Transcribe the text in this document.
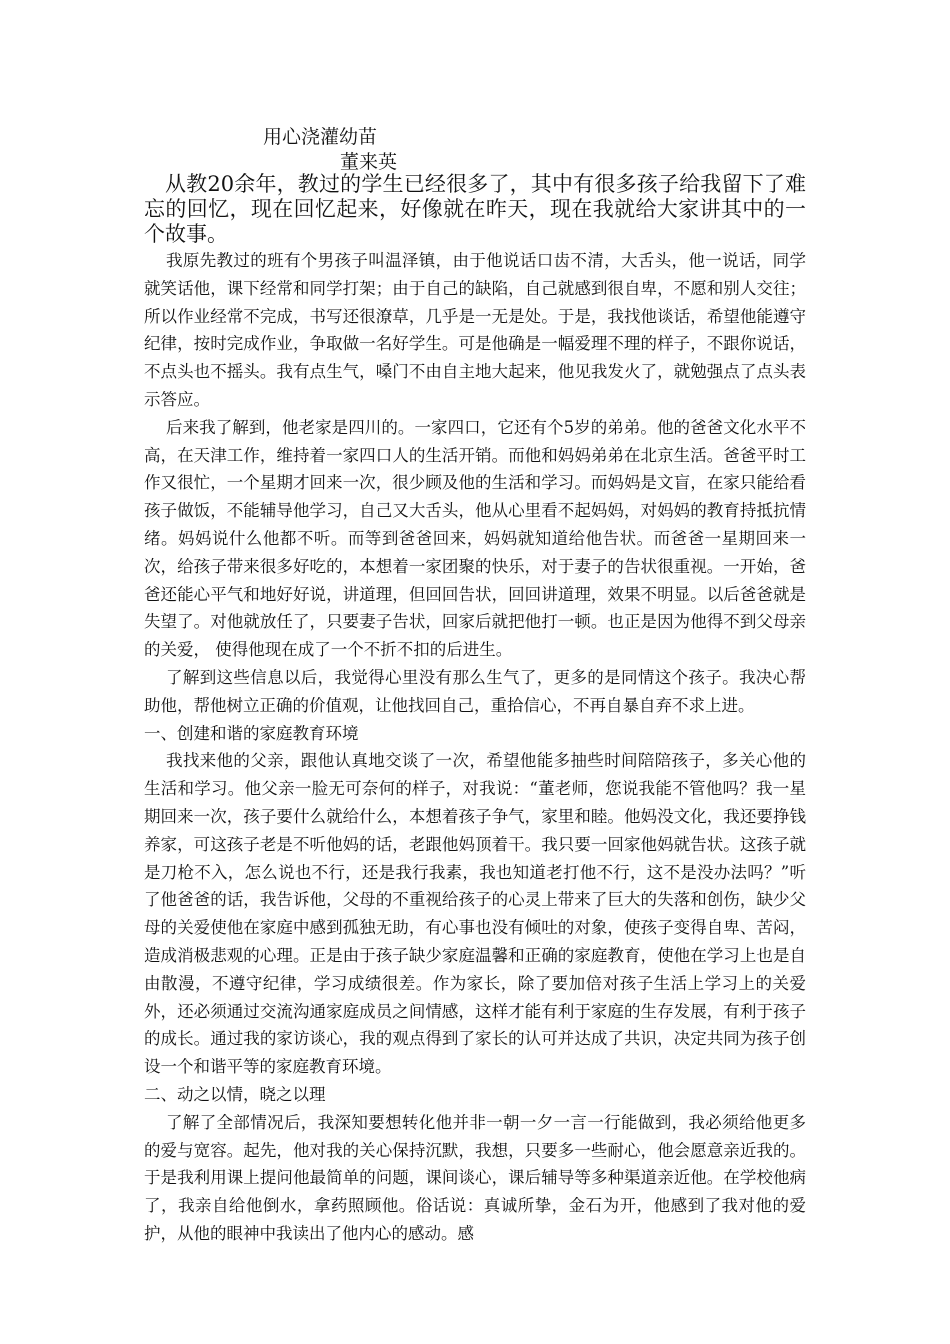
用心浇灌幼苗
董来英

从教20余年，教过的学生已经很多了，其中有很多孩子给我留下了难忘的回忆，现在回忆起来，好像就在昨天，现在我就给大家讲其中的一个故事。

我原先教过的班有个男孩子叫温泽镇，由于他说话口齿不清，大舌头，他一说话，同学就笑话他，课下经常和同学打架；由于自己的缺陷，自己就感到很自卑，不愿和别人交往；所以作业经常不完成，书写还很潦草，几乎是一无是处。于是，我找他谈话，希望他能遵守纪律，按时完成作业，争取做一名好学生。可是他确是一幅爱理不理的样子，不跟你说话，不点头也不摇头。我有点生气，嗓门不由自主地大起来，他见我发火了，就勉强点了点头表示答应。

后来我了解到，他老家是四川的。一家四口，它还有个5岁的弟弟。他的爸爸文化水平不高，在天津工作，维持着一家四口人的生活开销。而他和妈妈弟弟在北京生活。爸爸平时工作又很忙，一个星期才回来一次，很少顾及他的生活和学习。而妈妈是文盲，在家只能给看孩子做饭，不能辅导他学习，自己又大舌头，他从心里看不起妈妈，对妈妈的教育持抵抗情绪。妈妈说什么他都不听。而等到爸爸回来，妈妈就知道给他告状。而爸爸一星期回来一次，给孩子带来很多好吃的，本想着一家团聚的快乐，对于妻子的告状很重视。一开始，爸爸还能心平气和地好好说，讲道理，但回回告状，回回讲道理，效果不明显。以后爸爸就是失望了。对他就放任了，只要妻子告状，回家后就把他打一顿。也正是因为他得不到父母亲的关爱， 使得他现在成了一个不折不扣的后进生。

了解到这些信息以后，我觉得心里没有那么生气了，更多的是同情这个孩子。我决心帮助他，帮他树立正确的价值观，让他找回自己，重拾信心，不再自暴自弃不求上进。

一、创建和谐的家庭教育环境

我找来他的父亲，跟他认真地交谈了一次，希望他能多抽些时间陪陪孩子，多关心他的生活和学习。他父亲一脸无可奈何的样子，对我说：“董老师，您说我能不管他吗？我一星期回来一次，孩子要什么就给什么，本想着孩子争气，家里和睦。他妈没文化，我还要挣钱养家，可这孩子老是不听他妈的话，老跟他妈顶着干。我只要一回家他妈就告状。这孩子就是刀枪不入，怎么说也不行，还是我行我素，我也知道老打他不行，这不是没办法吗？”听了他爸爸的话，我告诉他，父母的不重视给孩子的心灵上带来了巨大的失落和创伤，缺少父母的关爱使他在家庭中感到孤独无助，有心事也没有倾吐的对象，使孩子变得自卑、苦闷，造成消极悲观的心理。正是由于孩子缺少家庭温馨和正确的家庭教育，使他在学习上也是自由散漫，不遵守纪律，学习成绩很差。作为家长，除了要加倍对孩子生活上学习上的关爱外，还必须通过交流沟通家庭成员之间情感，这样才能有利于家庭的生存发展，有利于孩子的成长。通过我的家访谈心，我的观点得到了家长的认可并达成了共识，决定共同为孩子创设一个和谐平等的家庭教育环境。

二、动之以情，晓之以理

了解了全部情况后，我深知要想转化他并非一朝一夕一言一行能做到，我必须给他更多的爱与宽容。起先，他对我的关心保持沉默，我想，只要多一些耐心，他会愿意亲近我的。于是我利用课上提问他最简单的问题，课间谈心，课后辅导等多种渠道亲近他。在学校他病了，我亲自给他倒水，拿药照顾他。俗话说：真诚所挚，金石为开，他感到了我对他的爱护，从他的眼神中我读出了他内心的感动。感
